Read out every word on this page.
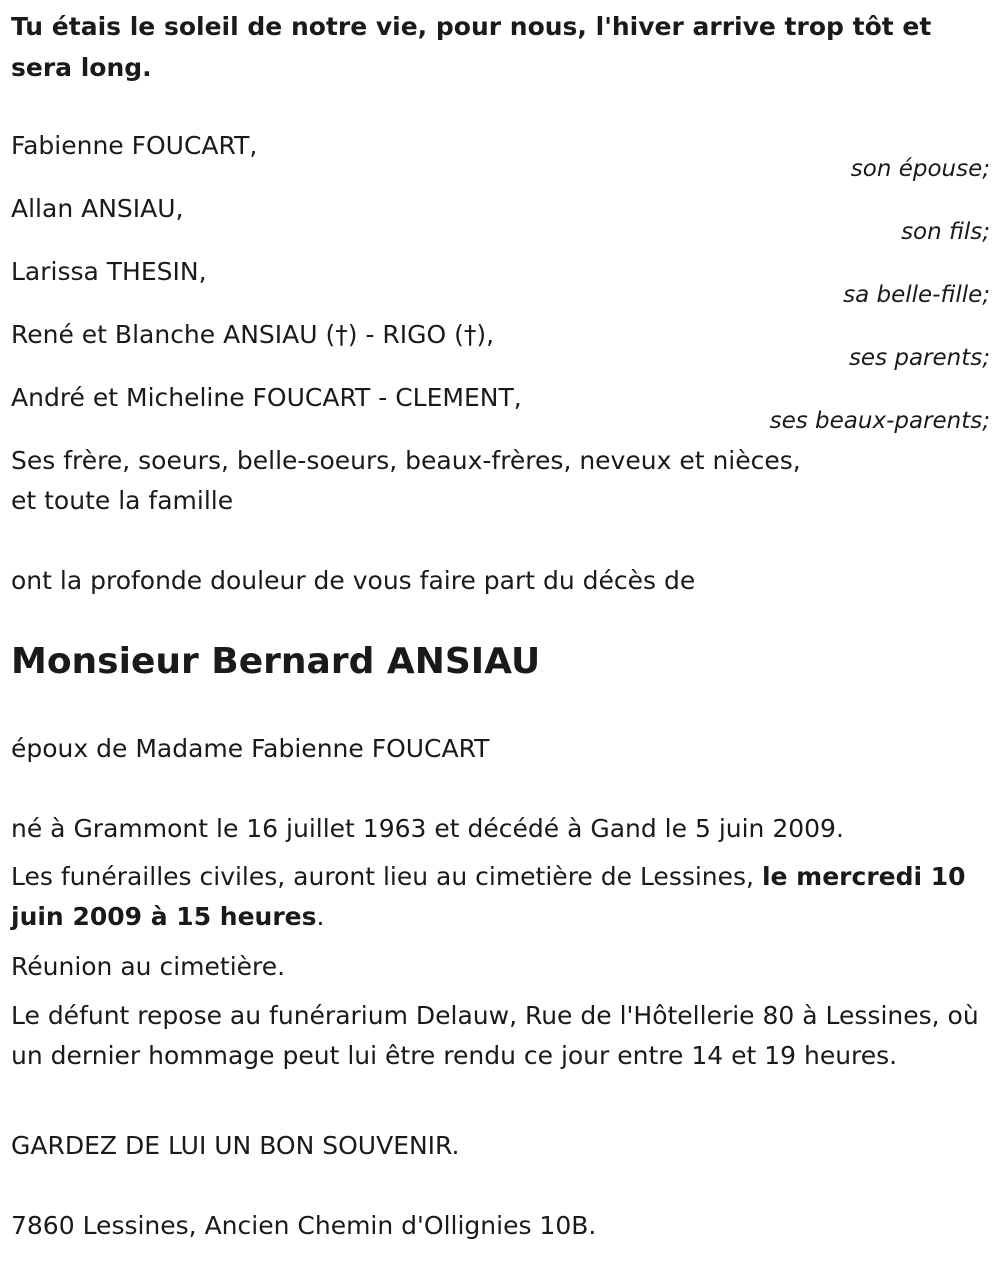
Tu étais le soleil de notre vie, pour nous, l'hiver arrive trop tôt et sera long.
Fabienne FOUCART,
son épouse;
Allan ANSIAU,
son fils;
Larissa THESIN,
sa belle-fille;
René et Blanche ANSIAU (†) - RIGO (†),
ses parents;
André et Micheline FOUCART - CLEMENT,
ses beaux-parents;
Ses frère, soeurs, belle-soeurs, beaux-frères, neveux et nièces,
et toute la famille
ont la profonde douleur de vous faire part du décès de
Monsieur Bernard ANSIAU
époux de Madame Fabienne FOUCART
né à Grammont le 16 juillet 1963 et décédé à Gand le 5 juin 2009.
Les funérailles civiles, auront lieu au cimetière de Lessines, le mercredi 10 juin 2009 à 15 heures.
Réunion au cimetière.
Le défunt repose au funérarium Delauw, Rue de l'Hôtellerie 80 à Lessines, où un dernier hommage peut lui être rendu ce jour entre 14 et 19 heures.
GARDEZ DE LUI UN BON SOUVENIR.
7860 Lessines, Ancien Chemin d'Ollignies 10B.
